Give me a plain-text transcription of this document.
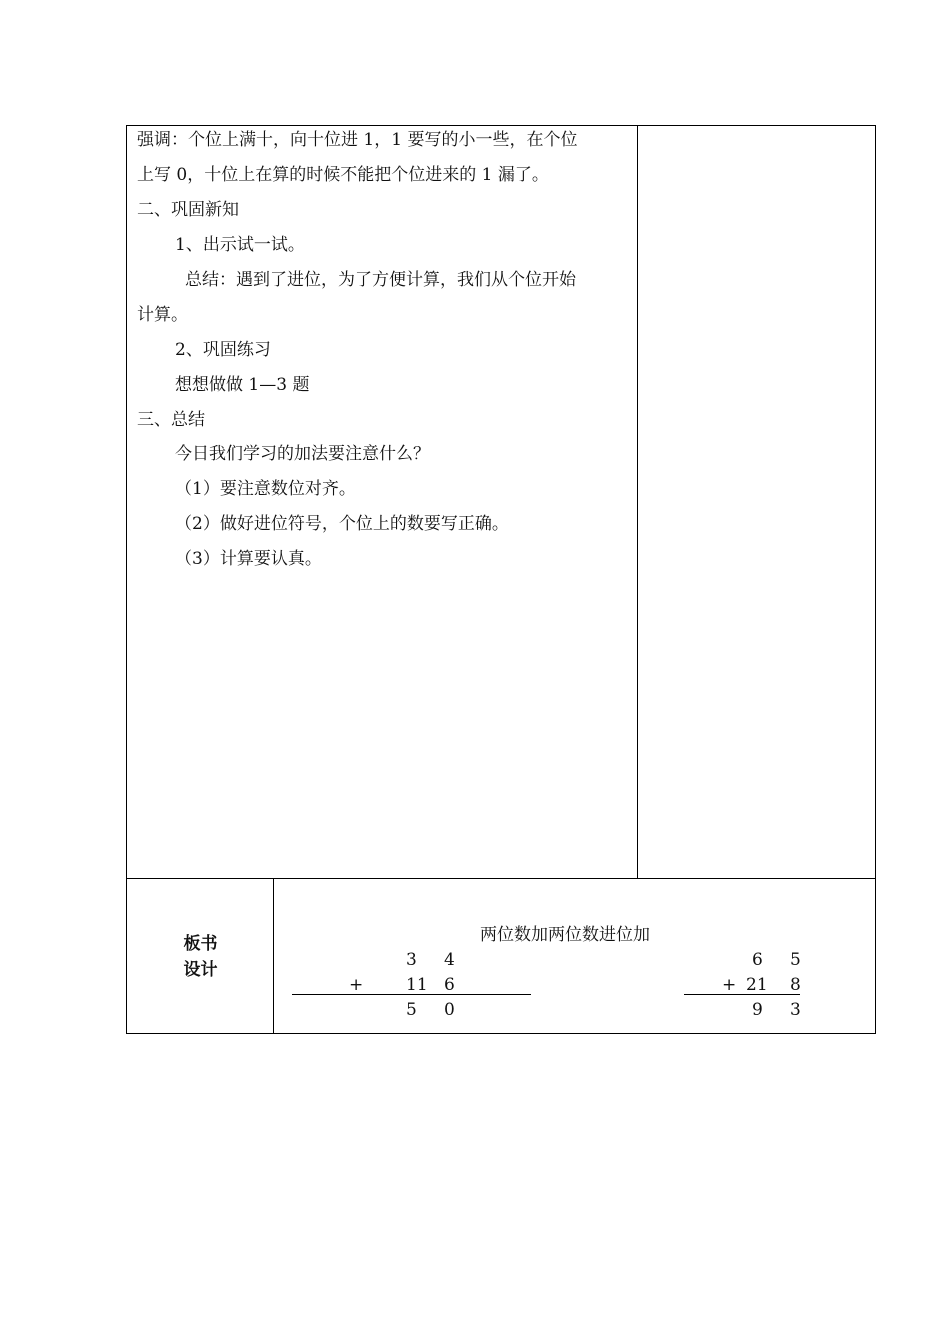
强调：个位上满十，向十位进 1，1 要写的小一些，在个位
上写 0，十位上在算的时候不能把个位进来的 1 漏了。
二、巩固新知
1、出示试一试。
总结：遇到了进位，为了方便计算，我们从个位开始
计算。
2、巩固练习
想想做做 1—3 题
三、总结
今日我们学习的加法要注意什么？
（1）要注意数位对齐。
（2）做好进位符号，个位上的数要写正确。
（3）计算要认真。
板书
设计
两位数加两位数进位加
3 4
+	11 6
5 0
6 5
+ 21 8
9 3
